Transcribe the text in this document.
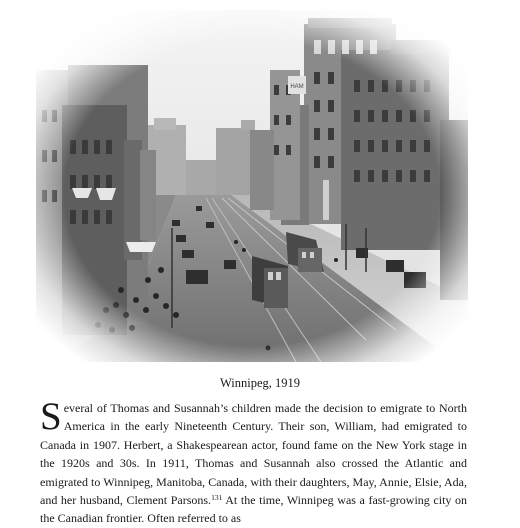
Winnipeg, 1919
Several of Thomas and Susannah’s children made the decision to emigrate to North America in the early Nineteenth Century. Their son, William, had emigrated to Canada in 1907. Herbert, a Shakespearean actor, found fame on the New York stage in the 1920s and 30s. In 1911, Thomas and Susannah also crossed the Atlantic and emigrated to Winnipeg, Manitoba, Canada, with their daughters, May, Annie, Elsie, Ada, and her husband, Clement Parsons.$^{131}$ At the time, Winnipeg was a fast-growing city on the Canadian frontier. Often referred to as
